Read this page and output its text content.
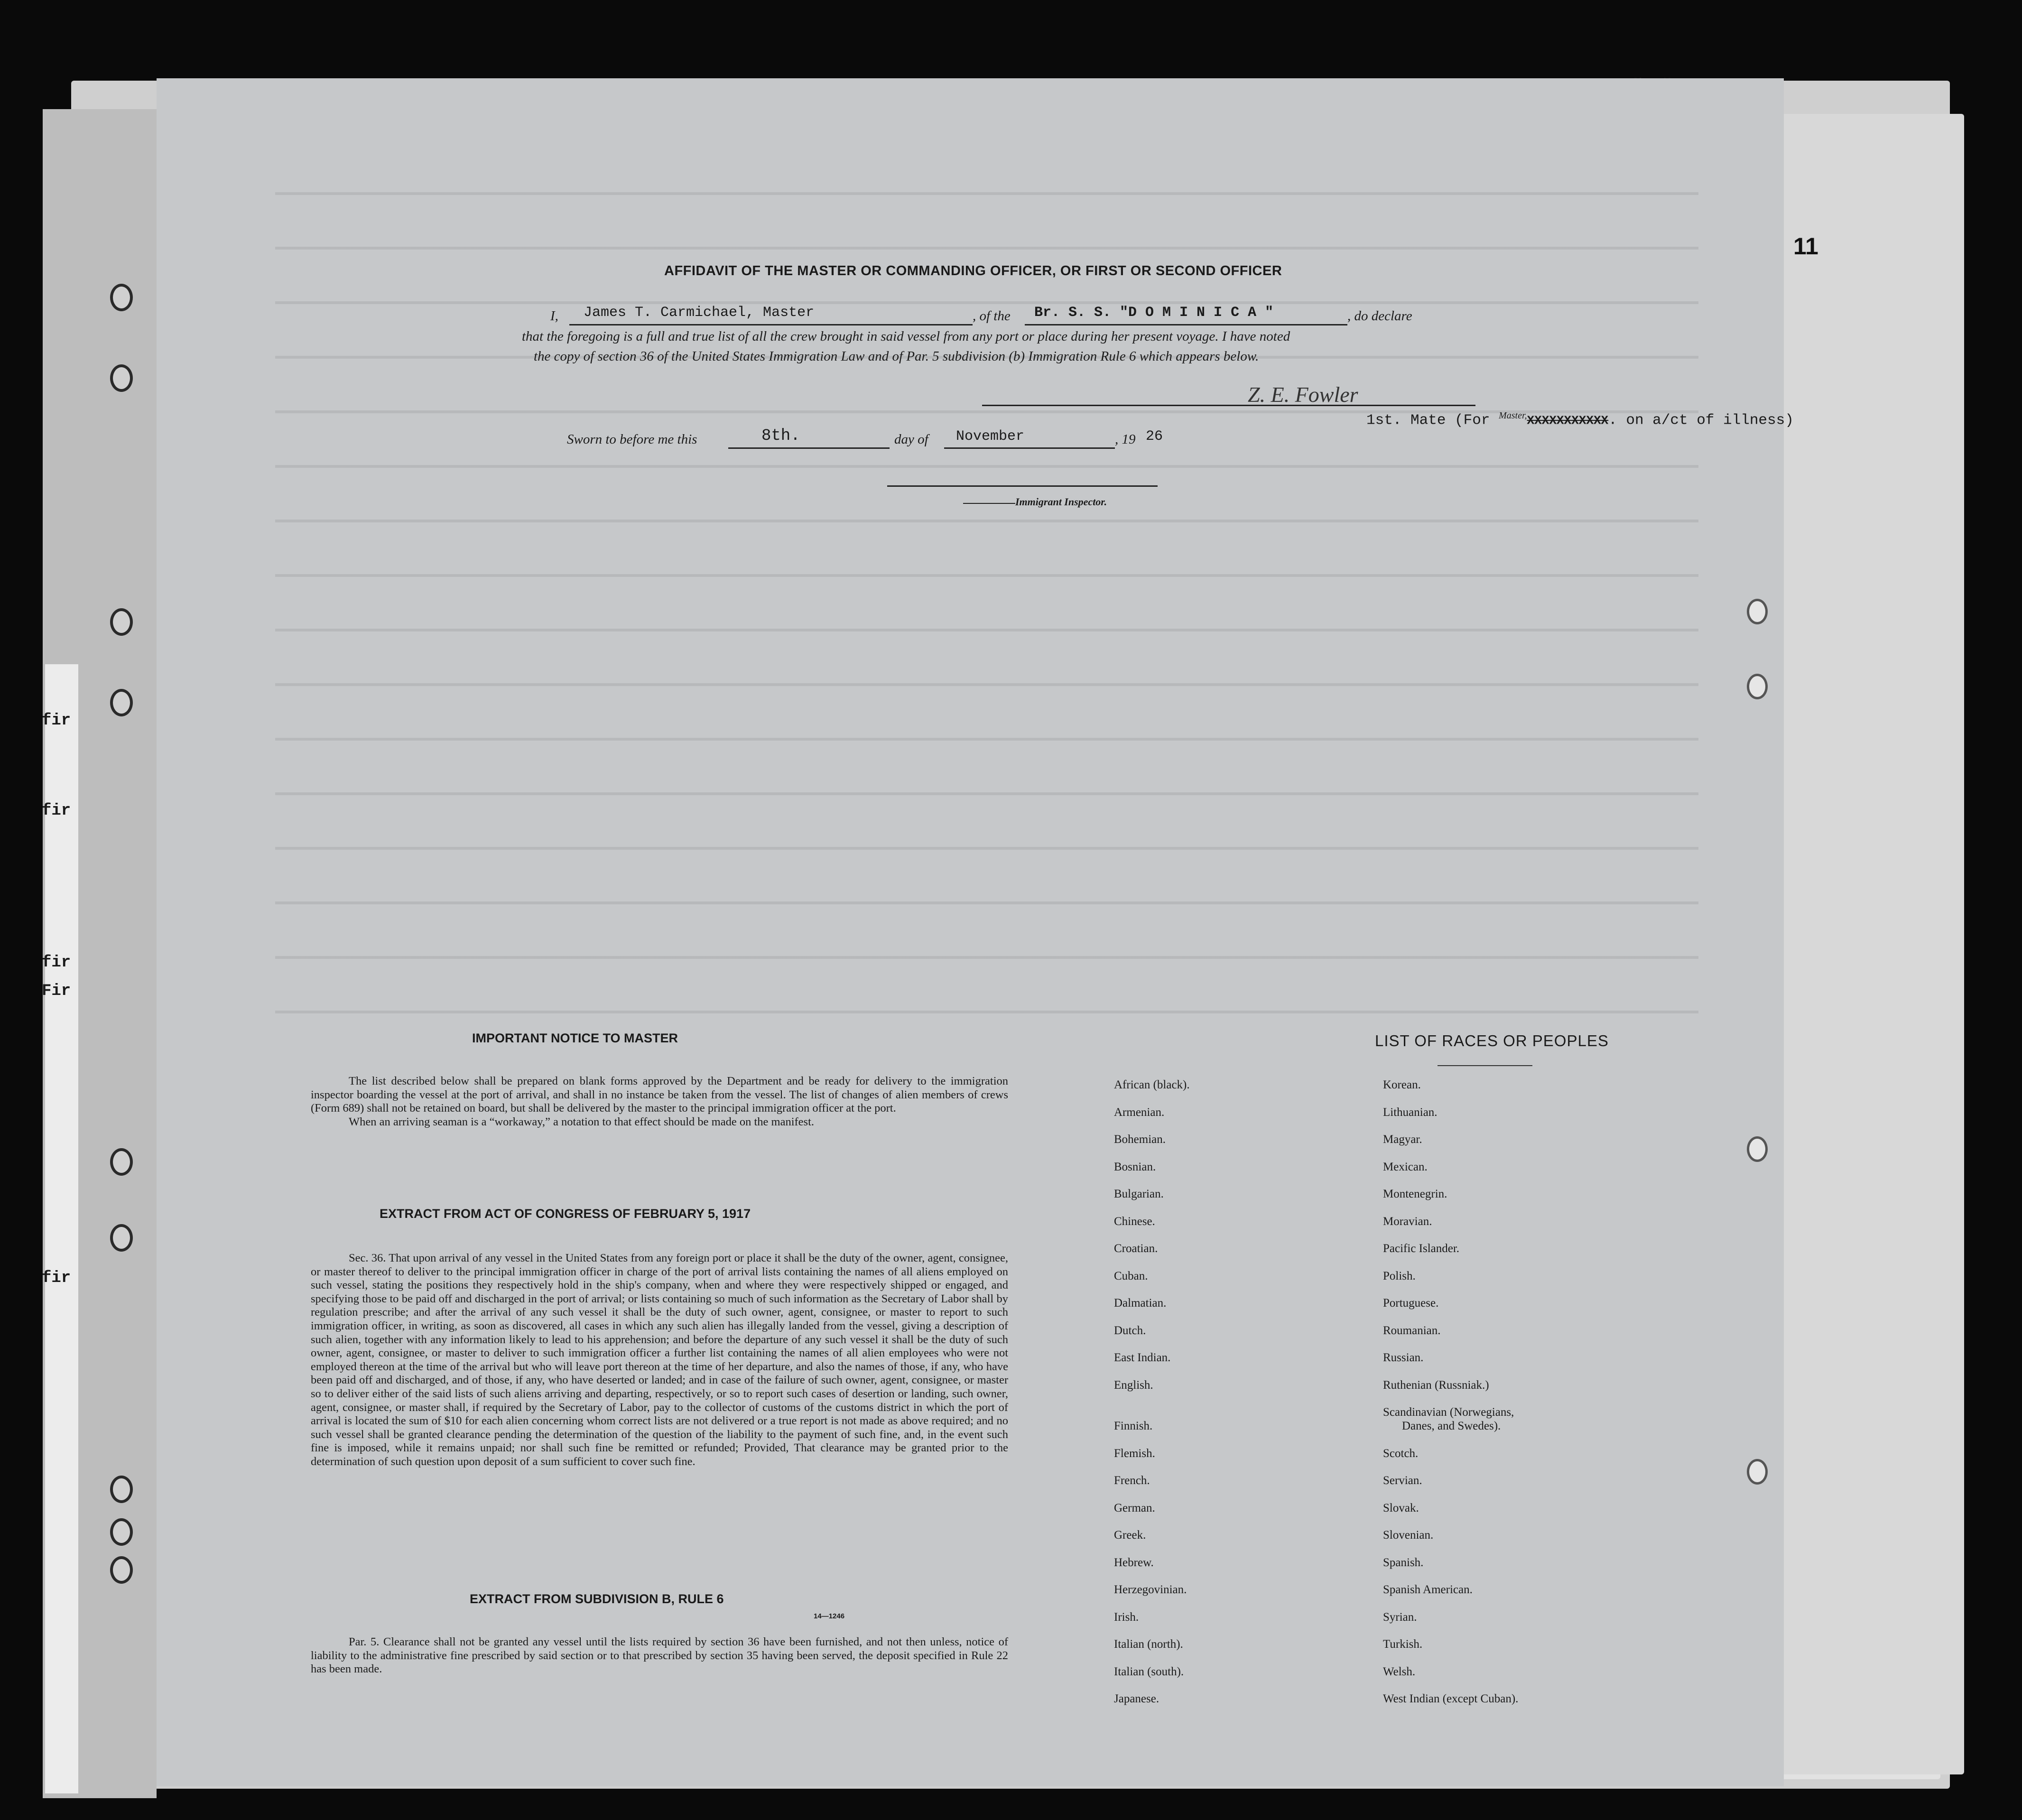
fir
fir
fir
Fir
fir
AFFIDAVIT OF THE MASTER OR COMMANDING OFFICER, OR FIRST OR SECOND OFFICER
I, James T. Carmichael, Master	, of the Br. S. S. "D O M I N I C A "	, do declare
that the foregoing is a full and true list of all the crew brought in said vessel from any port or place during her present voyage. I have noted
the copy of section 36 of the United States Immigration Law and of Par. 5 subdivision (b) Immigration Rule 6 which appears below.
Z. E. Fowler
1st. Mate (For $^{Master,}$XXXXXXXXXXX. on a/ct of illness)
Sworn to before me this	8th.	day of November	, 19 26
Immigrant Inspector.
IMPORTANT NOTICE TO MASTER

The list described below shall be prepared on blank forms approved by the Department and be ready for delivery to the immigration inspector boarding the vessel at the port of arrival, and shall in no instance be taken from the vessel. The list of changes of alien members of crews (Form 689) shall not be retained on board, but shall be delivered by the master to the principal immigration officer at the port.

When an arriving seaman is a “workaway,” a notation to that effect should be made on the manifest.

EXTRACT FROM ACT OF CONGRESS OF FEBRUARY 5, 1917

Sec. 36. That upon arrival of any vessel in the United States from any foreign port or place it shall be the duty of the owner, agent, consignee, or master thereof to deliver to the principal immigration officer in charge of the port of arrival lists containing the names of all aliens employed on such vessel, stating the positions they respectively hold in the ship's company, when and where they were respectively shipped or engaged, and specifying those to be paid off and discharged in the port of arrival; or lists containing so much of such information as the Secretary of Labor shall by regulation prescribe; and after the arrival of any such vessel it shall be the duty of such owner, agent, consignee, or master to report to such immigration officer, in writing, as soon as discovered, all cases in which any such alien has illegally landed from the vessel, giving a description of such alien, together with any information likely to lead to his apprehension; and before the departure of any such vessel it shall be the duty of such owner, agent, consignee, or master to deliver to such immigration officer a further list containing the names of all alien employees who were not employed thereon at the time of the arrival but who will leave port thereon at the time of her departure, and also the names of those, if any, who have been paid off and discharged, and of those, if any, who have deserted or landed; and in case of the failure of such owner, agent, consignee, or master so to deliver either of the said lists of such aliens arriving and departing, respectively, or so to report such cases of desertion or landing, such owner, agent, consignee, or master shall, if required by the Secretary of Labor, pay to the collector of customs of the customs district in which the port of arrival is located the sum of $10 for each alien concerning whom correct lists are not delivered or a true report is not made as above required; and no such vessel shall be granted clearance pending the determination of the question of the liability to the payment of such fine, and, in the event such fine is imposed, while it remains unpaid; nor shall such fine be remitted or refunded; Provided, That clearance may be granted prior to the determination of such question upon deposit of a sum sufficient to cover such fine.

EXTRACT FROM SUBDIVISION B, RULE 6

Par. 5. Clearance shall not be granted any vessel until the lists required by section 36 have been furnished, and not then unless, notice of liability to the administrative fine prescribed by said section or to that prescribed by section 35 having been served, the deposit specified in Rule 22 has been made.

LIST OF RACES OR PEOPLES
African (black).
Armenian.
Bohemian.
Bosnian.
Bulgarian.
Chinese.
Croatian.
Cuban.
Dalmatian.
Dutch.
East Indian.
English.
Finnish.
Flemish.
French.
German.
Greek.
Hebrew.
Herzegovinian.
Irish.
Italian (north).
Italian (south).
Japanese.
Korean.
Lithuanian.
Magyar.
Mexican.
Montenegrin.
Moravian.
Pacific Islander.
Polish.
Portuguese.
Roumanian.
Russian.
Ruthenian (Russniak.)
Scandinavian (Norwegians,
Danes, and Swedes).
Scotch.
Servian.
Slovak.
Slovenian.
Spanish.
Spanish American.
Syrian.
Turkish.
Welsh.
West Indian (except Cuban).
14—1246
11
